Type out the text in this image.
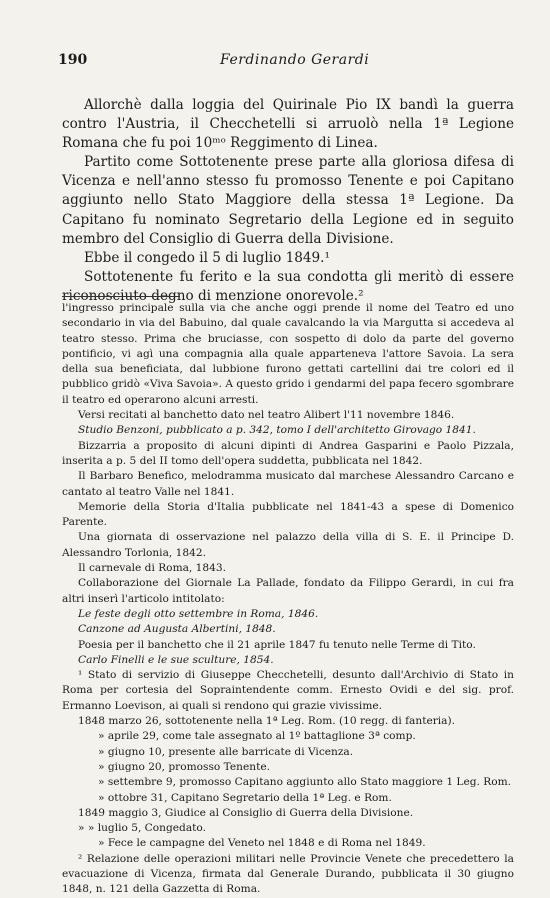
190	Ferdinando Gerardi

Allorchè dalla loggia del Quirinale Pio IX bandì la guerra contro l'Austria, il Checchetelli si arruolò nella 1ª Legione Romana che fu poi 10ᵐᵒ Reggimento di Linea.

Partito come Sottotenente prese parte alla gloriosa difesa di Vicenza e nell'anno stesso fu promosso Tenente e poi Capitano aggiunto nello Stato Maggiore della stessa 1ª Legione. Da Capitano fu nominato Segretario della Legione ed in seguito membro del Consiglio di Guerra della Divisione.

Ebbe il congedo il 5 di luglio 1849.¹

Sottotenente fu ferito e la sua condotta gli meritò di essere riconosciuto degno di menzione onorevole.²

l'ingresso principale sulla via che anche oggi prende il nome del Teatro ed uno secondario in via del Babuino, dal quale cavalcando la via Margutta si accedeva al teatro stesso. Prima che bruciasse, con sospetto di dolo da parte del governo pontificio, vi agì una compagnia alla quale apparteneva l'attore Savoia. La sera della sua beneficiata, dal lubbione furono gettati cartellini dai tre colori ed il pubblico gridò «Viva Savoia». A questo grido i gendarmi del papa fecero sgombrare il teatro ed operarono alcuni arresti.

Versi recitati al banchetto dato nel teatro Alibert l'11 novembre 1846.

Studio Benzoni, pubblicato a p. 342, tomo I dell'architetto Girovago 1841.

Bizzarria a proposito di alcuni dipinti di Andrea Gasparini e Paolo Pizzala, inserita a p. 5 del II tomo dell'opera suddetta, pubblicata nel 1842.

Il Barbaro Benefico, melodramma musicato dal marchese Alessandro Carcano e cantato al teatro Valle nel 1841.

Memorie della Storia d'Italia pubblicate nel 1841-43 a spese di Domenico Parente.

Una giornata di osservazione nel palazzo della villa di S. E. il Principe D. Alessandro Torlonia, 1842.

Il carnevale di Roma, 1843.

Collaborazione del Giornale La Pallade, fondato da Filippo Gerardi, in cui fra altri inserì l'articolo intitolato:

Le feste degli otto settembre in Roma, 1846.

Canzone ad Augusta Albertini, 1848.

Poesia per il banchetto che il 21 aprile 1847 fu tenuto nelle Terme di Tito.

Carlo Finelli e le sue sculture, 1854.

¹ Stato di servizio di Giuseppe Checchetelli, desunto dall'Archivio di Stato in Roma per cortesia del Sopraintendente comm. Ernesto Ovidi e del sig. prof. Ermanno Loevison, ai quali si rendono qui grazie vivissime.

1848 marzo 26, sottotenente nella 1ª Leg. Rom. (10 regg. di fanteria).

» aprile 29, come tale assegnato al 1º battaglione 3ª comp.

» giugno 10, presente alle barricate di Vicenza.

» giugno 20, promosso Tenente.

» settembre 9, promosso Capitano aggiunto allo Stato maggiore 1 Leg. Rom.

» ottobre 31, Capitano Segretario della 1ª Leg. e Rom.

1849 maggio 3, Giudice al Consiglio di Guerra della Divisione.

» » luglio 5, Congedato.

» Fece le campagne del Veneto nel 1848 e di Roma nel 1849.

² Relazione delle operazioni militari nelle Provincie Venete che precedettero la evacuazione di Vicenza, firmata dal Generale Durando, pubblicata il 30 giugno 1848, n. 121 della Gazzetta di Roma.
